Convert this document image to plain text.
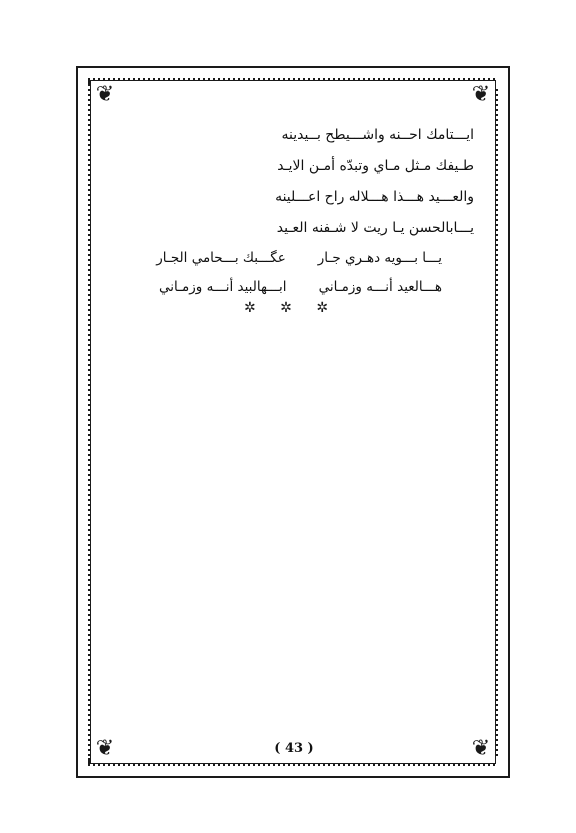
❦	❦
❦	❦
ايـــتامك احــنه واشـــيطح بــيدينه
طـيفك مـثل مـاي وتبدّه أمـن الايـد
والعـــيد هـــذا هـــلاله راح اعـــلينه
يـــابالحسن يـا ريت لا شـفنه العـيد
يـــا بـــويه دهـري جـار
عگـــبك بـــحامي الجـار
هـــالعيد أنـــه وزمـاني
ابـــهالبيد أنـــه وزمـاني
✲ ✲ ✲
( 43 )
